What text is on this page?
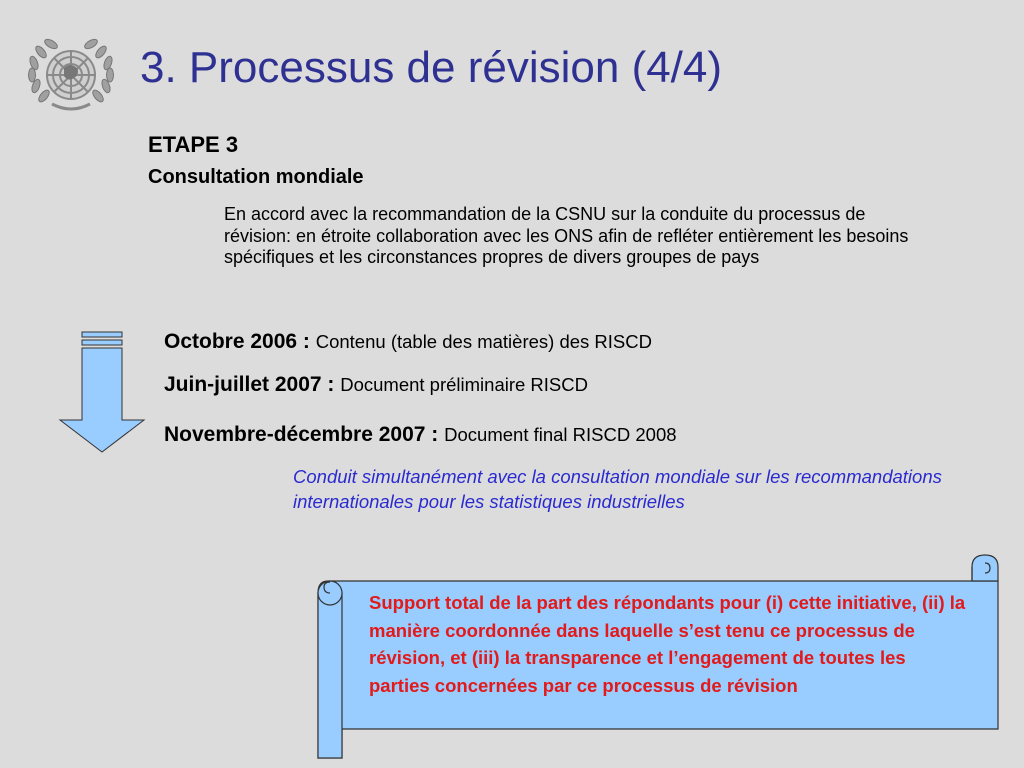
3. Processus de révision (4/4)
ETAPE 3
Consultation mondiale
En accord avec la recommandation de la CSNU sur la conduite du processus de révision: en étroite collaboration avec les ONS afin de refléter entièrement les besoins spécifiques et les circonstances propres de divers groupes de pays
Octobre 2006 : Contenu (table des matières) des RISCD
Juin-juillet 2007 : Document préliminaire RISCD
Novembre-décembre 2007 : Document final RISCD 2008
Conduit simultanément avec la consultation mondiale sur les recommandations internationales pour les statistiques industrielles
Support total de la part des répondants pour (i) cette initiative, (ii) la manière coordonnée dans laquelle s’est tenu ce processus de révision, et (iii) la transparence et l’engagement de toutes les parties concernées par ce processus de révision
